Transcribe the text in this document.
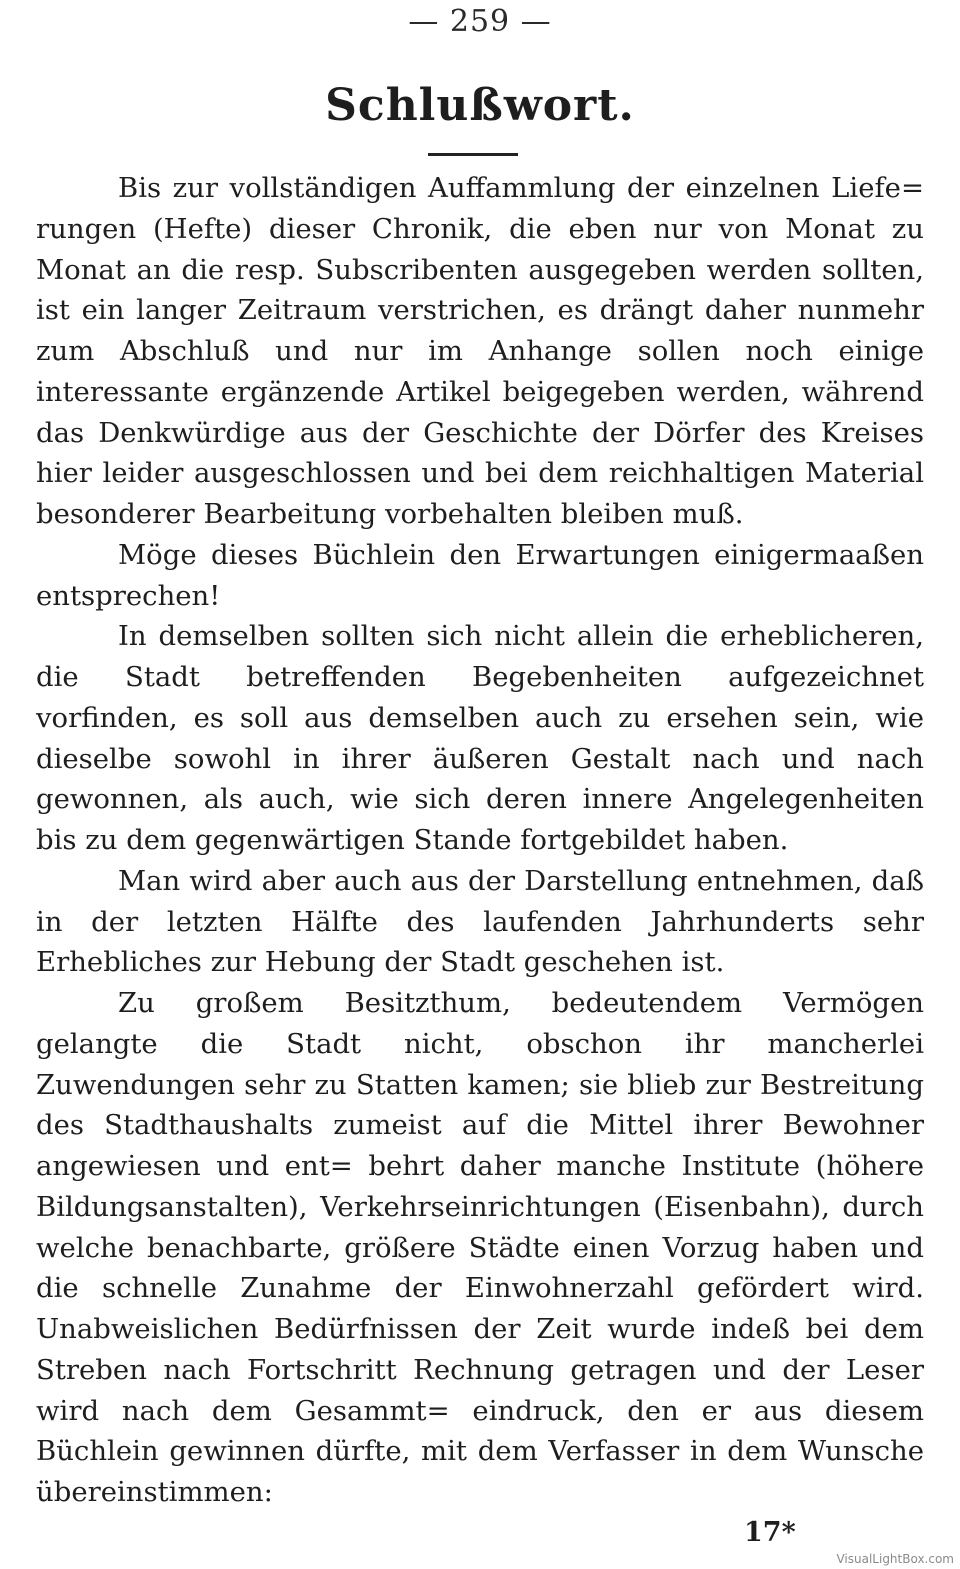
— 259 —
Schlußwort.

Bis zur vollständigen Auffammlung der einzelnen Liefe= rungen (Hefte) dieser Chronik, die eben nur von Monat zu Monat an die resp. Subscribenten ausgegeben werden sollten, ist ein langer Zeitraum verstrichen, es drängt daher nunmehr zum Abschluß und nur im Anhange sollen noch einige interessante ergänzende Artikel beigegeben werden, während das Denkwürdige aus der Geschichte der Dörfer des Kreises hier leider ausgeschlossen und bei dem reichhaltigen Material besonderer Bearbeitung vorbehalten bleiben muß.

Möge dieses Büchlein den Erwartungen einigermaaßen entsprechen!

In demselben sollten sich nicht allein die erheblicheren, die Stadt betreffenden Begebenheiten aufgezeichnet vorfinden, es soll aus demselben auch zu ersehen sein, wie dieselbe sowohl in ihrer äußeren Gestalt nach und nach gewonnen, als auch, wie sich deren innere Angelegenheiten bis zu dem gegenwärtigen Stande fortgebildet haben.

Man wird aber auch aus der Darstellung entnehmen, daß in der letzten Hälfte des laufenden Jahrhunderts sehr Erhebliches zur Hebung der Stadt geschehen ist.

Zu großem Besitzthum, bedeutendem Vermögen gelangte die Stadt nicht, obschon ihr mancherlei Zuwendungen sehr zu Statten kamen; sie blieb zur Bestreitung des Stadthaushalts zumeist auf die Mittel ihrer Bewohner angewiesen und ent= behrt daher manche Institute (höhere Bildungsanstalten), Verkehrseinrichtungen (Eisenbahn), durch welche benachbarte, größere Städte einen Vorzug haben und die schnelle Zunahme der Einwohnerzahl gefördert wird. Unabweislichen Bedürfnissen der Zeit wurde indeß bei dem Streben nach Fortschritt Rechnung getragen und der Leser wird nach dem Gesammt= eindruck, den er aus diesem Büchlein gewinnen dürfte, mit dem Verfasser in dem Wunsche übereinstimmen:

17*
VisualLightBox.com
